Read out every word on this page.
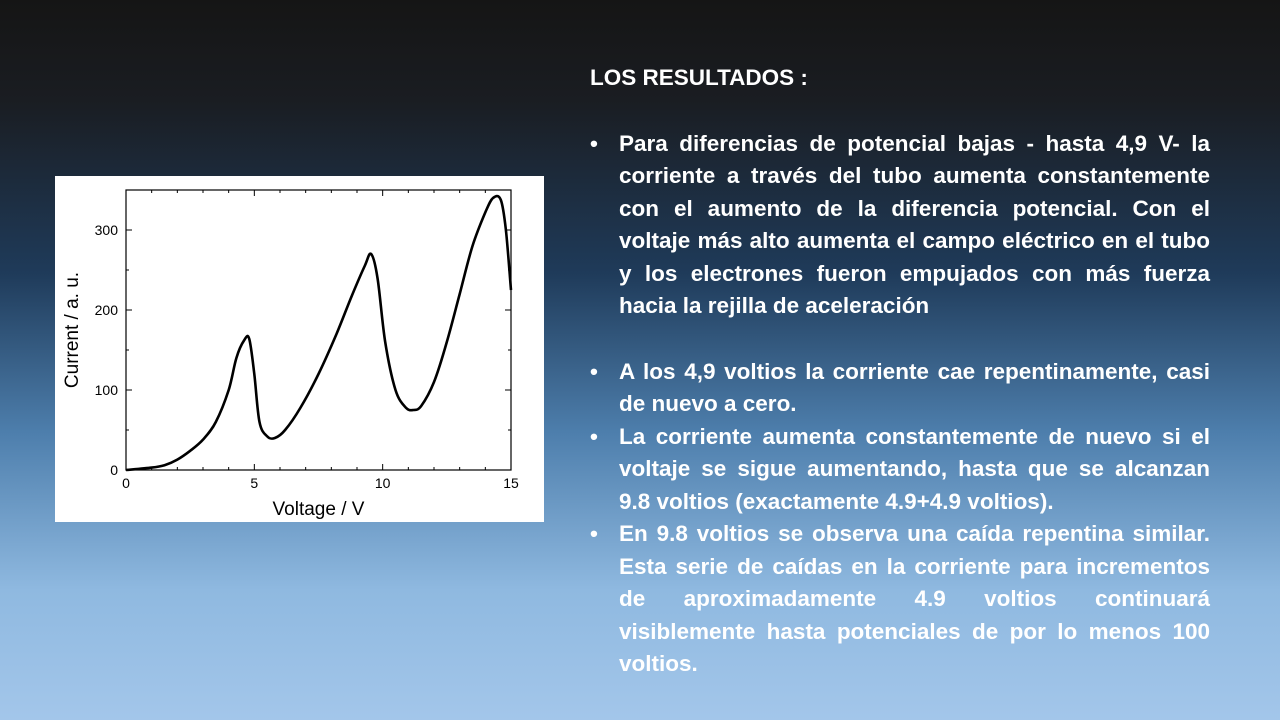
0	5	10	15
0
100
200
300
Voltage / V
Current / a. u.
LOS RESULTADOS :
• Para diferencias de potencial bajas - hasta 4,9 V- la corriente a través del tubo aumenta constantemente con el aumento de la diferencia potencial. Con el voltaje más alto aumenta el campo eléctrico en el tubo y los electrones fueron empujados con más fuerza hacia la rejilla de aceleración
• A los 4,9 voltios la corriente cae repentinamente, casi de nuevo a cero.
• La corriente aumenta constantemente de nuevo si el voltaje se sigue aumentando, hasta que se alcanzan 9.8 voltios (exactamente 4.9+4.9 voltios).
• En 9.8 voltios se observa una caída repentina similar. Esta serie de caídas en la corriente para incrementos de aproximadamente 4.9 voltios continuará visiblemente hasta potenciales de por lo menos 100 voltios.
